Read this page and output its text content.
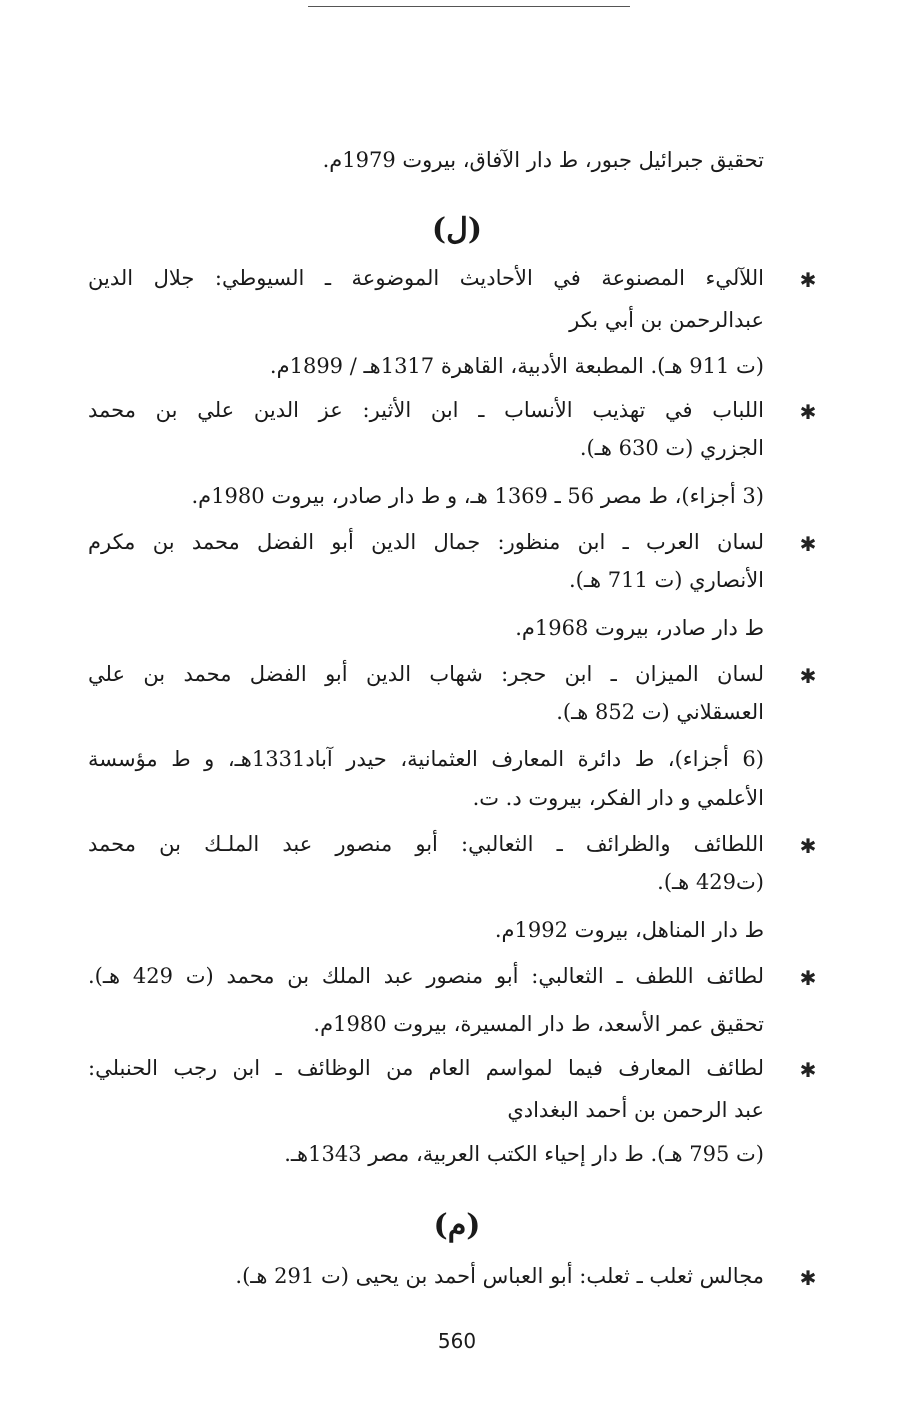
تحقيق جبرائيل جبور، ط دار الآفاق، بيروت 1979م.
(ل)
✱
اللآليء المصنوعة في الأحاديث الموضوعة ـ السيوطي: جلال الدين
عبدالرحمن بن أبي بكر
(ت 911 هـ). المطبعة الأدبية، القاهرة 1317هـ / 1899م.
✱
اللباب في تهذيب الأنساب ـ ابن الأثير: عز الدين علي بن محمد
الجزري (ت 630 هـ).
(3 أجزاء)، ط مصر 56 ـ 1369 هـ، و ط دار صادر، بيروت 1980م.
✱
لسان العرب ـ ابن منظور: جمال الدين أبو الفضل محمد بن مكرم
الأنصاري (ت 711 هـ).
ط دار صادر، بيروت 1968م.
✱
لسان الميزان ـ ابن حجر: شهاب الدين أبو الفضل محمد بن علي
العسقلاني (ت 852 هـ).
(6 أجزاء)، ط دائرة المعارف العثمانية، حيدر آباد1331هـ، و ط مؤسسة
الأعلمي و دار الفكر، بيروت د. ت.
✱
اللطائف والظرائف ـ الثعالبي: أبو منصور عبد الملـك بن محمد
(ت429 هـ).
ط دار المناهل، بيروت 1992م.
✱
لطائف اللطف ـ الثعالبي: أبو منصور عبد الملك بن محمد (ت 429 هـ).
تحقيق عمر الأسعد، ط دار المسيرة، بيروت 1980م.
✱
لطائف المعارف فيما لمواسم العام من الوظائف ـ ابن رجب الحنبلي:
عبد الرحمن بن أحمد البغدادي
(ت 795 هـ). ط دار إحياء الكتب العربية، مصر 1343هـ.
(م)
✱
مجالس ثعلب ـ ثعلب: أبو العباس أحمد بن يحيى (ت 291 هـ).
560
